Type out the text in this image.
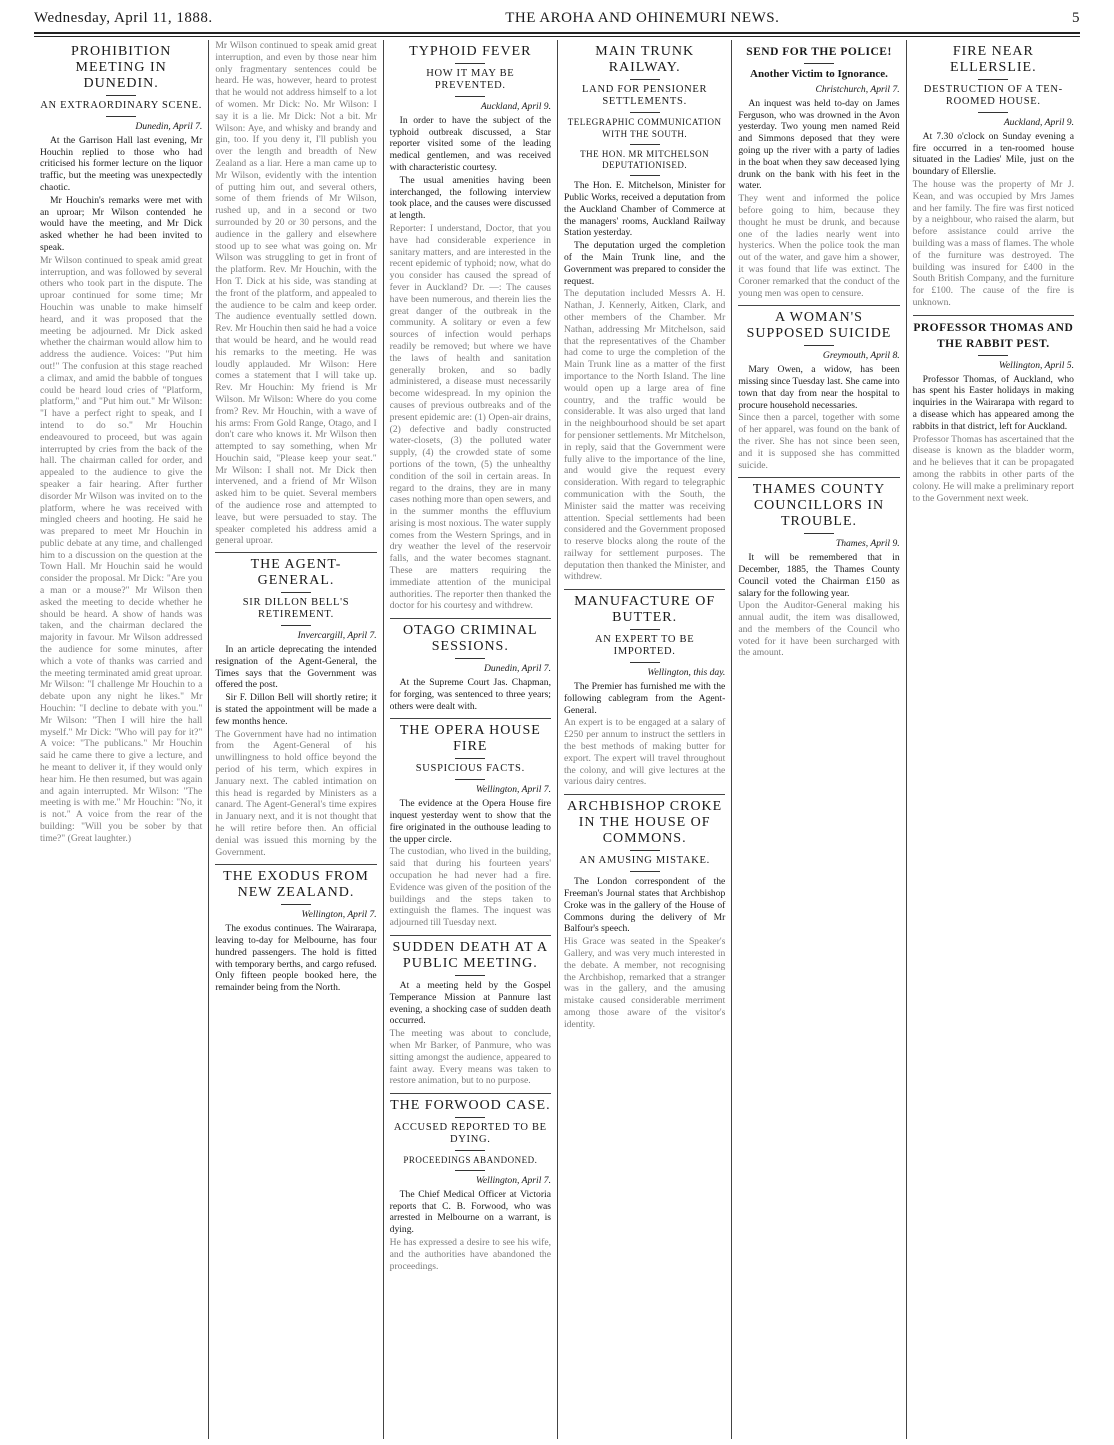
Wednesday, April 11, 1888.	THE AROHA AND OHINEMURI NEWS.	5
PROHIBITION MEETING IN DUNEDIN.
AN EXTRAORDINARY SCENE.
Dunedin, April 7.

At the Garrison Hall last evening, Mr Houchin replied to those who had criticised his former lecture on the liquor traffic, but the meeting was unexpectedly chaotic.

Mr Houchin's remarks were met with an uproar; Mr Wilson contended he would have the meeting, and Mr Dick asked whether he had been invited to speak.

Mr Wilson continued to speak amid great interruption, and was followed by several others who took part in the dispute. The uproar continued for some time; Mr Houchin was unable to make himself heard, and it was proposed that the meeting be adjourned. Mr Dick asked whether the chairman would allow him to address the audience. Voices: "Put him out!" The confusion at this stage reached a climax, and amid the babble of tongues could be heard loud cries of "Platform, platform," and "Put him out." Mr Wilson: "I have a perfect right to speak, and I intend to do so." Mr Houchin endeavoured to proceed, but was again interrupted by cries from the back of the hall. The chairman called for order, and appealed to the audience to give the speaker a fair hearing. After further disorder Mr Wilson was invited on to the platform, where he was received with mingled cheers and hooting. He said he was prepared to meet Mr Houchin in public debate at any time, and challenged him to a discussion on the question at the Town Hall. Mr Houchin said he would consider the proposal. Mr Dick: "Are you a man or a mouse?" Mr Wilson then asked the meeting to decide whether he should be heard. A show of hands was taken, and the chairman declared the majority in favour. Mr Wilson addressed the audience for some minutes, after which a vote of thanks was carried and the meeting terminated amid great uproar. Mr Wilson: "I challenge Mr Houchin to a debate upon any night he likes." Mr Houchin: "I decline to debate with you." Mr Wilson: "Then I will hire the hall myself." Mr Dick: "Who will pay for it?" A voice: "The publicans." Mr Houchin said he came there to give a lecture, and he meant to deliver it, if they would only hear him. He then resumed, but was again and again interrupted. Mr Wilson: "The meeting is with me." Mr Houchin: "No, it is not." A voice from the rear of the building: "Will you be sober by that time?" (Great laughter.)
Mr Wilson continued to speak amid great interruption, and even by those near him only fragmentary sentences could be heard. He was, however, heard to protest that he would not address himself to a lot of women. Mr Dick: No. Mr Wilson: I say it is a lie. Mr Dick: Not a bit. Mr Wilson: Aye, and whisky and brandy and gin, too. If you deny it, I'll publish you over the length and breadth of New Zealand as a liar. Here a man came up to Mr Wilson, evidently with the intention of putting him out, and several others, some of them friends of Mr Wilson, rushed up, and in a second or two surrounded by 20 or 30 persons, and the audience in the gallery and elsewhere stood up to see what was going on. Mr Wilson was struggling to get in front of the platform. Rev. Mr Houchin, with the Hon T. Dick at his side, was standing at the front of the platform, and appealed to the audience to be calm and keep order. The audience eventually settled down. Rev. Mr Houchin then said he had a voice that would be heard, and he would read his remarks to the meeting. He was loudly applauded. Mr Wilson: Here comes a statement that I will take up. Rev. Mr Houchin: My friend is Mr Wilson. Mr Wilson: Where do you come from? Rev. Mr Houchin, with a wave of his arms: From Gold Range, Otago, and I don't care who knows it. Mr Wilson then attempted to say something, when Mr Houchin said, "Please keep your seat." Mr Wilson: I shall not. Mr Dick then intervened, and a friend of Mr Wilson asked him to be quiet. Several members of the audience rose and attempted to leave, but were persuaded to stay. The speaker completed his address amid a general uproar.
THE AGENT-GENERAL.
SIR DILLON BELL'S RETIREMENT.
Invercargill, April 7.

In an article deprecating the intended resignation of the Agent-General, the Times says that the Government was offered the post.

Sir F. Dillon Bell will shortly retire; it is stated the appointment will be made a few months hence.

The Government have had no intimation from the Agent-General of his unwillingness to hold office beyond the period of his term, which expires in January next. The cabled intimation on this head is regarded by Ministers as a canard. The Agent-General's time expires in January next, and it is not thought that he will retire before then. An official denial was issued this morning by the Government.
THE EXODUS FROM NEW ZEALAND.
Wellington, April 7.

The exodus continues. The Wairarapa, leaving to-day for Melbourne, has four hundred passengers. The hold is fitted with temporary berths, and cargo refused. Only fifteen people booked here, the remainder being from the North.

TYPHOID FEVER
HOW IT MAY BE PREVENTED.
Auckland, April 9.

In order to have the subject of the typhoid outbreak discussed, a Star reporter visited some of the leading medical gentlemen, and was received with characteristic courtesy.

The usual amenities having been interchanged, the following interview took place, and the causes were discussed at length.

Reporter: I understand, Doctor, that you have had considerable experience in sanitary matters, and are interested in the recent epidemic of typhoid; now, what do you consider has caused the spread of fever in Auckland? Dr. —: The causes have been numerous, and therein lies the great danger of the outbreak in the community. A solitary or even a few sources of infection would perhaps readily be removed; but where we have the laws of health and sanitation generally broken, and so badly administered, a disease must necessarily become widespread. In my opinion the causes of previous outbreaks and of the present epidemic are: (1) Open-air drains, (2) defective and badly constructed water-closets, (3) the polluted water supply, (4) the crowded state of some portions of the town, (5) the unhealthy condition of the soil in certain areas. In regard to the drains, they are in many cases nothing more than open sewers, and in the summer months the effluvium arising is most noxious. The water supply comes from the Western Springs, and in dry weather the level of the reservoir falls, and the water becomes stagnant. These are matters requiring the immediate attention of the municipal authorities. The reporter then thanked the doctor for his courtesy and withdrew.
OTAGO CRIMINAL SESSIONS.
Dunedin, April 7.

At the Supreme Court Jas. Chapman, for forging, was sentenced to three years; others were dealt with.

THE OPERA HOUSE FIRE
SUSPICIOUS FACTS.
Wellington, April 7.

The evidence at the Opera House fire inquest yesterday went to show that the fire originated in the outhouse leading to the upper circle.

The custodian, who lived in the building, said that during his fourteen years' occupation he had never had a fire. Evidence was given of the position of the buildings and the steps taken to extinguish the flames. The inquest was adjourned till Tuesday next.
SUDDEN DEATH AT A PUBLIC MEETING.

At a meeting held by the Gospel Temperance Mission at Pannure last evening, a shocking case of sudden death occurred.

The meeting was about to conclude, when Mr Barker, of Panmure, who was sitting amongst the audience, appeared to faint away. Every means was taken to restore animation, but to no purpose.
THE FORWOOD CASE.
ACCUSED REPORTED TO BE DYING.
PROCEEDINGS ABANDONED.
Wellington, April 7.

The Chief Medical Officer at Victoria reports that C. B. Forwood, who was arrested in Melbourne on a warrant, is dying.

He has expressed a desire to see his wife, and the authorities have abandoned the proceedings.
MAIN TRUNK RAILWAY.
LAND FOR PENSIONER SETTLEMENTS.
TELEGRAPHIC COMMUNICATION WITH THE SOUTH.
THE HON. MR MITCHELSON DEPUTATIONISED.

The Hon. E. Mitchelson, Minister for Public Works, received a deputation from the Auckland Chamber of Commerce at the managers' rooms, Auckland Railway Station yesterday.

The deputation urged the completion of the Main Trunk line, and the Government was prepared to consider the request.

The deputation included Messrs A. H. Nathan, J. Kennerly, Aitken, Clark, and other members of the Chamber. Mr Nathan, addressing Mr Mitchelson, said that the representatives of the Chamber had come to urge the completion of the Main Trunk line as a matter of the first importance to the North Island. The line would open up a large area of fine country, and the traffic would be considerable. It was also urged that land in the neighbourhood should be set apart for pensioner settlements. Mr Mitchelson, in reply, said that the Government were fully alive to the importance of the line, and would give the request every consideration. With regard to telegraphic communication with the South, the Minister said the matter was receiving attention. Special settlements had been considered and the Government proposed to reserve blocks along the route of the railway for settlement purposes. The deputation then thanked the Minister, and withdrew.
MANUFACTURE OF BUTTER.
AN EXPERT TO BE IMPORTED.
Wellington, this day.

The Premier has furnished me with the following cablegram from the Agent-General.

An expert is to be engaged at a salary of £250 per annum to instruct the settlers in the best methods of making butter for export. The expert will travel throughout the colony, and will give lectures at the various dairy centres.
ARCHBISHOP CROKE IN THE HOUSE OF COMMONS.
AN AMUSING MISTAKE.

The London correspondent of the Freeman's Journal states that Archbishop Croke was in the gallery of the House of Commons during the delivery of Mr Balfour's speech.

His Grace was seated in the Speaker's Gallery, and was very much interested in the debate. A member, not recognising the Archbishop, remarked that a stranger was in the gallery, and the amusing mistake caused considerable merriment among those aware of the visitor's identity.
SEND FOR THE POLICE!
Another Victim to Ignorance.
Christchurch, April 7.

An inquest was held to-day on James Ferguson, who was drowned in the Avon yesterday. Two young men named Reid and Simmons deposed that they were going up the river with a party of ladies in the boat when they saw deceased lying drunk on the bank with his feet in the water.

They went and informed the police before going to him, because they thought he must be drunk, and because one of the ladies nearly went into hysterics. When the police took the man out of the water, and gave him a shower, it was found that life was extinct. The Coroner remarked that the conduct of the young men was open to censure.
A WOMAN'S SUPPOSED SUICIDE
Greymouth, April 8.

Mary Owen, a widow, has been missing since Tuesday last. She came into town that day from near the hospital to procure household necessaries.

Since then a parcel, together with some of her apparel, was found on the bank of the river. She has not since been seen, and it is supposed she has committed suicide.
THAMES COUNTY COUNCILLORS IN TROUBLE.
Thames, April 9.

It will be remembered that in December, 1885, the Thames County Council voted the Chairman £150 as salary for the following year.

Upon the Auditor-General making his annual audit, the item was disallowed, and the members of the Council who voted for it have been surcharged with the amount.
FIRE NEAR ELLERSLIE.
DESTRUCTION OF A TEN-ROOMED HOUSE.
Auckland, April 9.

At 7.30 o'clock on Sunday evening a fire occurred in a ten-roomed house situated in the Ladies' Mile, just on the boundary of Ellerslie.

The house was the property of Mr J. Kean, and was occupied by Mrs James and her family. The fire was first noticed by a neighbour, who raised the alarm, but before assistance could arrive the building was a mass of flames. The whole of the furniture was destroyed. The building was insured for £400 in the South British Company, and the furniture for £100. The cause of the fire is unknown.
PROFESSOR THOMAS AND THE RABBIT PEST.
Wellington, April 5.

Professor Thomas, of Auckland, who has spent his Easter holidays in making inquiries in the Wairarapa with regard to a disease which has appeared among the rabbits in that district, left for Auckland.

Professor Thomas has ascertained that the disease is known as the bladder worm, and he believes that it can be propagated among the rabbits in other parts of the colony. He will make a preliminary report to the Government next week.
